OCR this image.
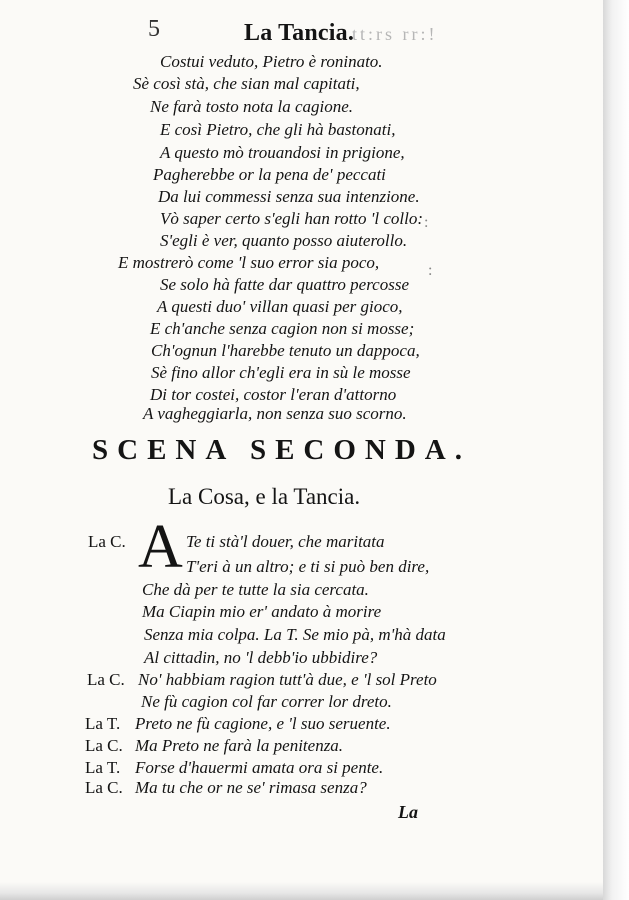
5	La Tancia.
tt:rs rr:!
Costui veduto, Pietro è roninato.
Sè così stà, che sian mal capitati,
Ne farà tosto nota la cagione.
E così Pietro, che gli hà bastonati,
A questo mò trouandosi in prigione,
Pagherebbe or la pena de' peccati
Da lui commessi senza sua intenzione.
Vò saper certo s'egli han rotto 'l collo:
S'egli è ver, quanto posso aiuterollo.
E mostrerò come 'l suo error sia poco,
Se solo hà fatte dar quattro percosse
A questi duo' villan quasi per gioco,
E ch'anche senza cagion non si mosse;
Ch'ognun l'harebbe tenuto un dappoca,
Sè fino allor ch'egli era in sù le mosse
Di tor costei, costor l'eran d'attorno
A vagheggiarla, non senza suo scorno.
:
:
SCENA SECONDA.
La Cosa, e la Tancia.
A
La C.	Te ti stà'l douer, che maritata
T'eri à un altro; e ti si può ben dire,
Che dà per te tutte la sia cercata.
Ma Ciapin mio er' andato à morire
Senza mia colpa. La T. Se mio pà, m'hà data
Al cittadin, no 'l debb'io ubbidire?
La C. No' habbiam ragion tutt'à due, e 'l sol Preto
Ne fù cagion col far correr lor dreto.
La T. Preto ne fù cagione, e 'l suo seruente.
La C. Ma Preto ne farà la penitenza.
La T. Forse d'hauermi amata ora si pente.
La C. Ma tu che or ne se' rimasa senza?
La
